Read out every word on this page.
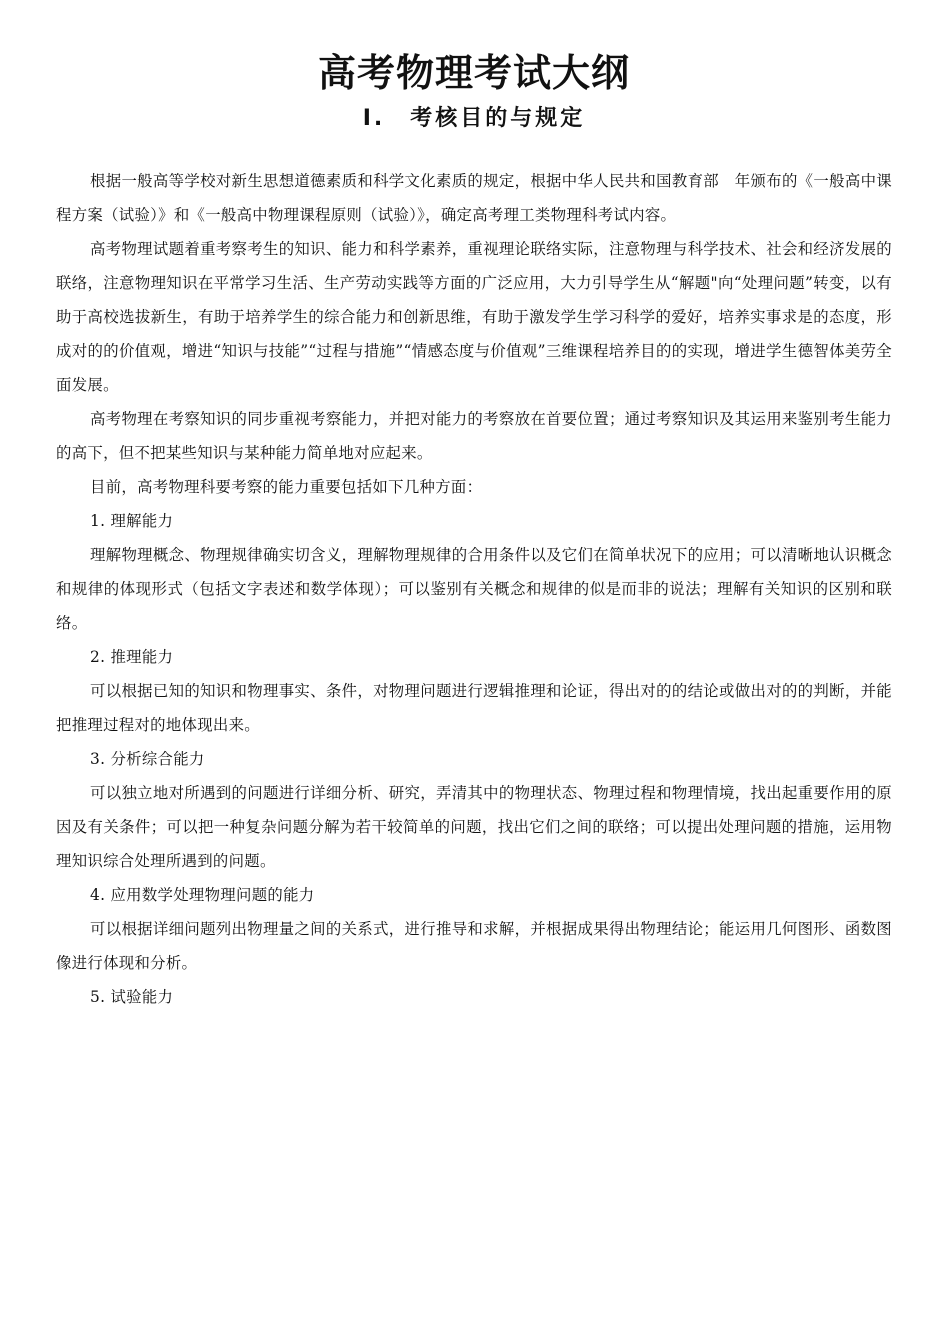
高考物理考试大纲
Ⅰ.　考核目的与规定

根据一般高等学校对新生思想道德素质和科学文化素质的规定，根据中华人民共和国教育部　年颁布的《一般高中课程方案（试验）》和《一般高中物理课程原则（试验）》，确定高考理工类物理科考试内容。

高考物理试题着重考察考生的知识、能力和科学素养，重视理论联络实际，注意物理与科学技术、社会和经济发展的联络，注意物理知识在平常学习生活、生产劳动实践等方面的广泛应用，大力引导学生从“解题"向“处理问题”转变，以有助于高校选拔新生，有助于培养学生的综合能力和创新思维，有助于激发学生学习科学的爱好，培养实事求是的态度，形成对的的价值观，增进“知识与技能”“过程与措施”“情感态度与价值观”三维课程培养目的的实现，增进学生德智体美劳全面发展。

高考物理在考察知识的同步重视考察能力，并把对能力的考察放在首要位置；通过考察知识及其运用来鉴别考生能力的高下，但不把某些知识与某种能力简单地对应起来。

目前，高考物理科要考察的能力重要包括如下几种方面：

1. 理解能力

理解物理概念、物理规律确实切含义，理解物理规律的合用条件以及它们在简单状况下的应用；可以清晰地认识概念和规律的体现形式（包括文字表述和数学体现）；可以鉴别有关概念和规律的似是而非的说法；理解有关知识的区别和联络。

2. 推理能力

可以根据已知的知识和物理事实、条件，对物理问题进行逻辑推理和论证，得出对的的结论或做出对的的判断，并能把推理过程对的地体现出来。

3. 分析综合能力

可以独立地对所遇到的问题进行详细分析、研究，弄清其中的物理状态、物理过程和物理情境，找出起重要作用的原因及有关条件；可以把一种复杂问题分解为若干较简单的问题，找出它们之间的联络；可以提出处理问题的措施，运用物理知识综合处理所遇到的问题。

4. 应用数学处理物理问题的能力

可以根据详细问题列出物理量之间的关系式，进行推导和求解，并根据成果得出物理结论；能运用几何图形、函数图像进行体现和分析。

5. 试验能力
